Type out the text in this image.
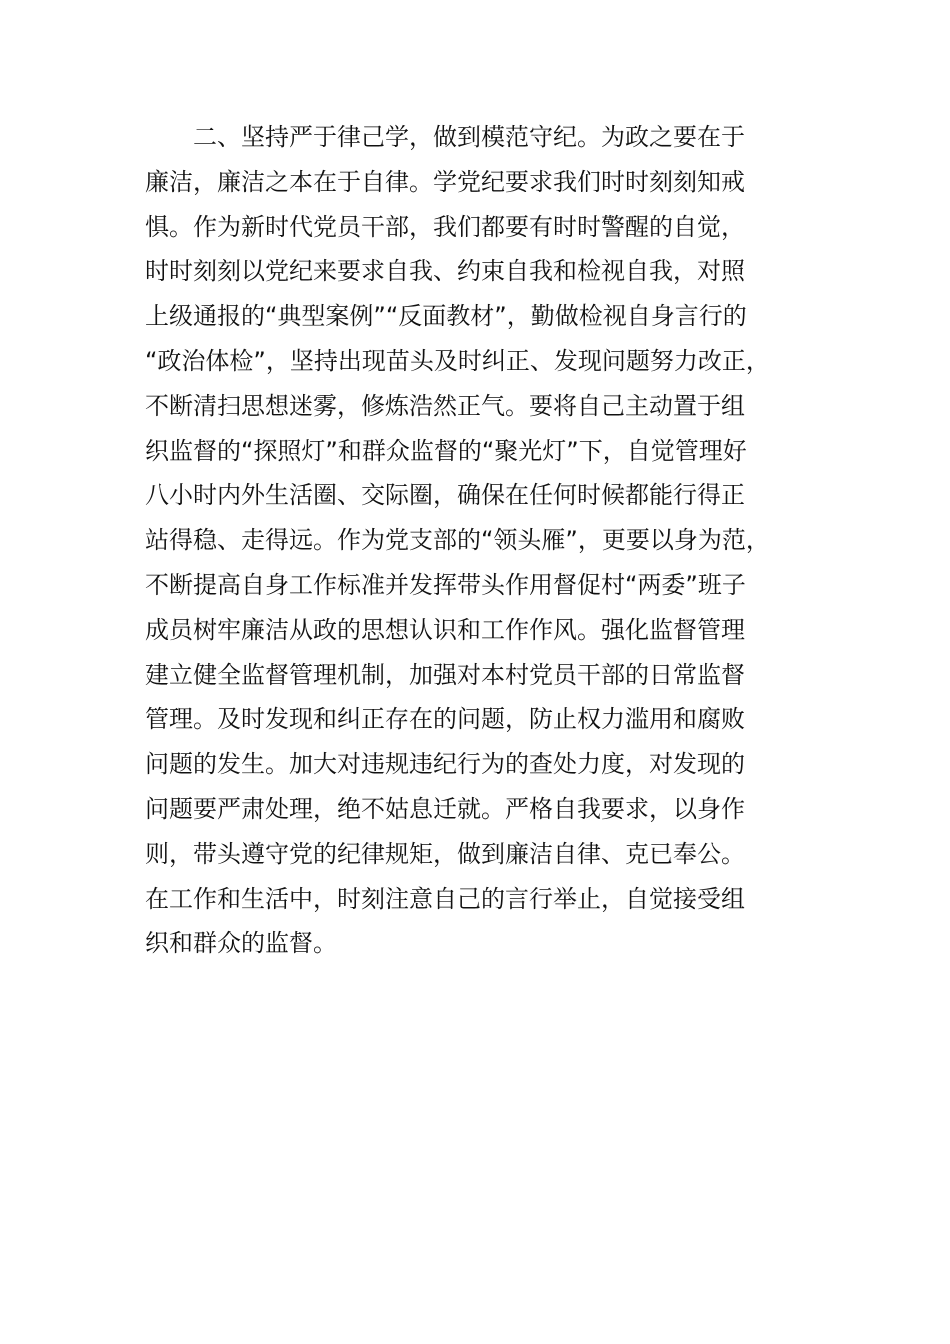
二、坚持严于律己学，做到模范守纪。为政之要在于
廉洁，廉洁之本在于自律。学党纪要求我们时时刻刻知戒
惧。作为新时代党员干部，我们都要有时时警醒的自觉，
时时刻刻以党纪来要求自我、约束自我和检视自我，对照
上级通报的“典型案例”“反面教材”，勤做检视自身言行的
“政治体检”，坚持出现苗头及时纠正、发现问题努力改正，
不断清扫思想迷雾，修炼浩然正气。要将自己主动置于组
织监督的“探照灯”和群众监督的“聚光灯”下，自觉管理好
八小时内外生活圈、交际圈，确保在任何时候都能行得正
站得稳、走得远。作为党支部的“领头雁”，更要以身为范，
不断提高自身工作标准并发挥带头作用督促村“两委”班子
成员树牢廉洁从政的思想认识和工作作风。强化监督管理
建立健全监督管理机制，加强对本村党员干部的日常监督
管理。及时发现和纠正存在的问题，防止权力滥用和腐败
问题的发生。加大对违规违纪行为的查处力度，对发现的
问题要严肃处理，绝不姑息迁就。严格自我要求，以身作
则，带头遵守党的纪律规矩，做到廉洁自律、克已奉公。
在工作和生活中，时刻注意自己的言行举止，自觉接受组
织和群众的监督。
